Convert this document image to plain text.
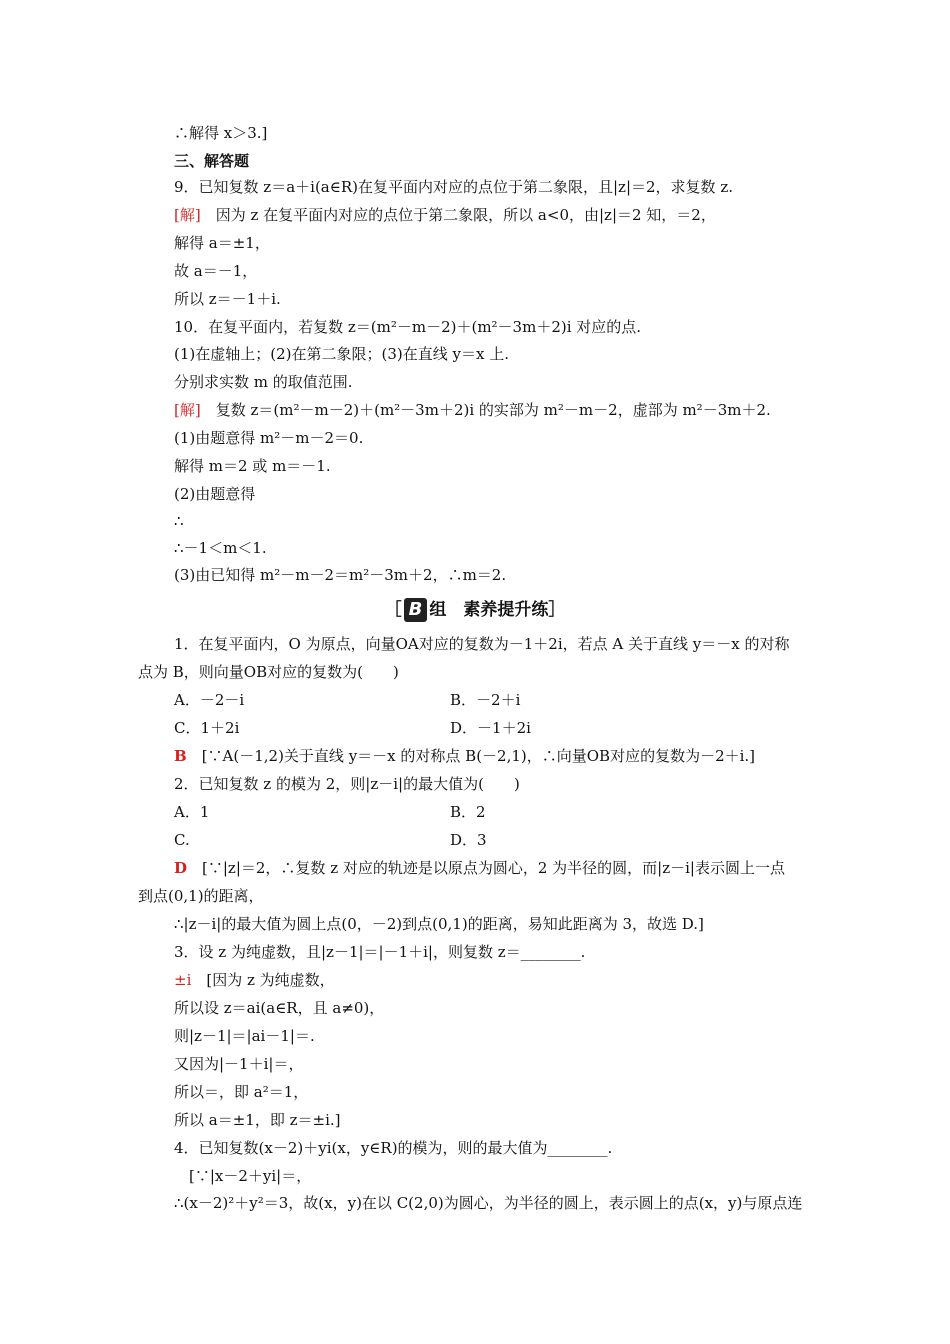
∴解得 x＞3.]
三、解答题
9．已知复数 z＝a＋i(a∈R)在复平面内对应的点位于第二象限，且|z|＝2，求复数 z.
[解]　因为 z 在复平面内对应的点位于第二象限，所以 a<0，由|z|＝2 知，＝2，
解得 a＝±1，
故 a＝－1，
所以 z＝－1＋i.
10．在复平面内，若复数 z＝(m²－m－2)＋(m²－3m＋2)i 对应的点.
(1)在虚轴上；(2)在第二象限；(3)在直线 y＝x 上.
分别求实数 m 的取值范围.
[解]　复数 z＝(m²－m－2)＋(m²－3m＋2)i 的实部为 m²－m－2，虚部为 m²－3m＋2.
(1)由题意得 m²－m－2＝0.
解得 m＝2 或 m＝－1.
(2)由题意得
∴
∴－1＜m＜1.
(3)由已知得 m²－m－2＝m²－3m＋2，∴m＝2.
［ B 组　素养提升练］
1．在复平面内，O 为原点，向量OA对应的复数为－1＋2i，若点 A 关于直线 y＝－x 的对称
点为 B，则向量OB对应的复数为(　　)
A．－2－i	B．－2＋i
C．1＋2i	D．－1＋2i
B　[∵A(－1,2)关于直线 y＝－x 的对称点 B(－2,1)，∴向量OB对应的复数为－2＋i.]
2．已知复数 z 的模为 2，则|z－i|的最大值为(　　)
A．1	B．2
C.	D．3
D　[∵|z|＝2，∴复数 z 对应的轨迹是以原点为圆心，2 为半径的圆，而|z－i|表示圆上一点
到点(0,1)的距离，
∴|z－i|的最大值为圆上点(0，－2)到点(0,1)的距离，易知此距离为 3，故选 D.]
3．设 z 为纯虚数，且|z－1|＝|－1＋i|，则复数 z＝________.
±i　[因为 z 为纯虚数，
所以设 z＝ai(a∈R，且 a≠0)，
则|z－1|＝|ai－1|＝.
又因为|－1＋i|＝，
所以＝，即 a²＝1，
所以 a＝±1，即 z＝±i.]
4．已知复数(x－2)＋yi(x，y∈R)的模为，则的最大值为________.
　[∵|x－2＋yi|＝，
∴(x－2)²＋y²＝3，故(x，y)在以 C(2,0)为圆心，为半径的圆上，表示圆上的点(x，y)与原点连
